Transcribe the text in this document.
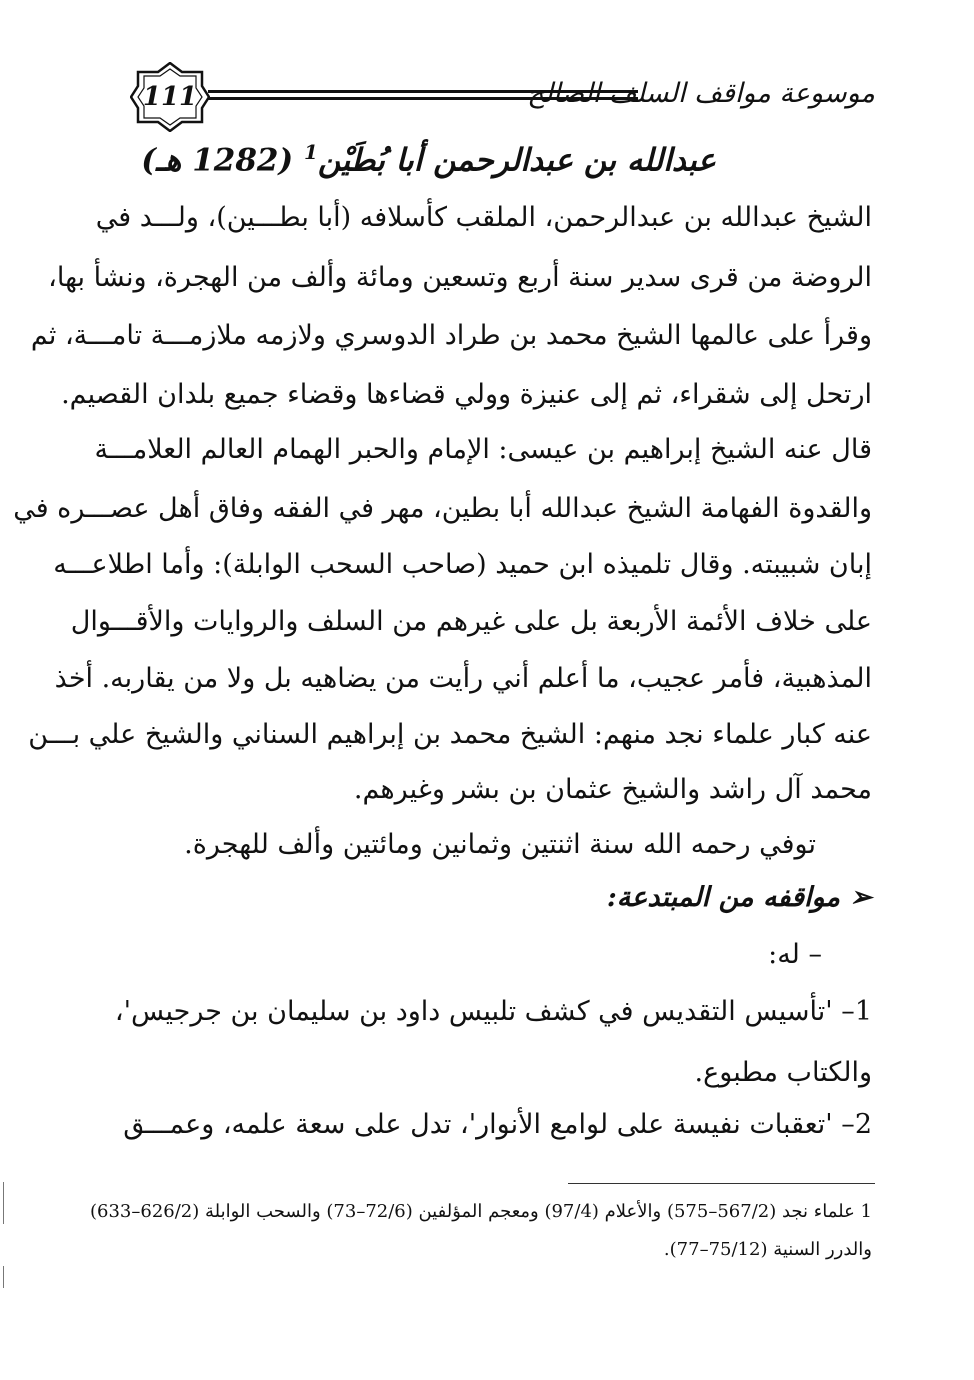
111	موسوعة مواقف السلف الصالح
عبدالله بن عبدالرحمن أبا بُطَيْن$^1$ (1282 هـ)
الشيخ عبدالله بن عبدالرحمن، الملقب كأسلافه (أبا بطـــين)، ولـــد في
الروضة من قرى سدير سنة أربع وتسعين ومائة وألف من الهجرة، ونشأ بها،
وقرأ على عالمها الشيخ محمد بن طراد الدوسري ولازمه ملازمـــة تامـــة، ثم
ارتحل إلى شقراء، ثم إلى عنيزة وولي قضاءها وقضاء جميع بلدان القصيم.
قال عنه الشيخ إبراهيم بن عيسى: الإمام والحبر الهمام العالم العلامـــة
والقدوة الفهامة الشيخ عبدالله أبا بطين، مهر في الفقه وفاق أهل عصـــره في
إبان شبيبته. وقال تلميذه ابن حميد (صاحب السحب الوابلة): وأما اطلاعـــه
على خلاف الأئمة الأربعة بل على غيرهم من السلف والروايات والأقـــوال
المذهبية، فأمر عجيب، ما أعلم أني رأيت من يضاهيه بل ولا من يقاربه. أخذ
عنه كبار علماء نجد منهم: الشيخ محمد بن إبراهيم السناني والشيخ علي بـــن
محمد آل راشد والشيخ عثمان بن بشر وغيرهم.
توفي رحمه الله سنة اثنتين وثمانين ومائتين وألف للهجرة.
➢ مواقفه من المبتدعة:
– له:
1– 'تأسيس التقديس في كشف تلبيس داود بن سليمان بن جرجيس'،
والكتاب مطبوع.
2– 'تعقبات نفيسة على لوامع الأنوار'، تدل على سعة علمه، وعمـــق
1 علماء نجد (567/2–575) والأعلام (97/4) ومعجم المؤلفين (72/6–73) والسحب الوابلة (626/2–633)
والدرر السنية (75/12–77).
